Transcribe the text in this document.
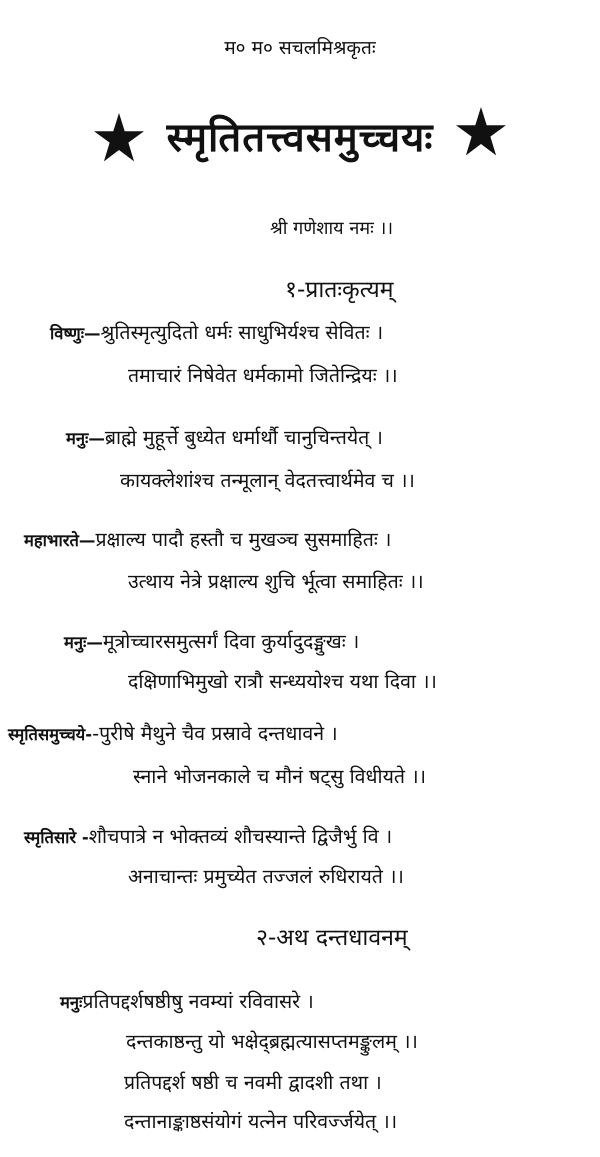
म० म० सचलमिश्रकृतः
स्मृतितत्त्वसमुच्चयः
श्री गणेशाय नमः ।।
१-प्रातःकृत्यम्
विष्णुः— श्रुतिस्मृत्युदितो धर्मः साधुभिर्यश्च सेवितः ।
तमाचारं निषेवेत धर्मकामो जितेन्द्रियः ।।
मनुः— ब्राह्मे मुहूर्त्ते बुध्येत धर्मार्थौ चानुचिन्तयेत् ।
कायक्लेशांश्च तन्मूलान् वेदतत्त्वार्थमेव च ।।
महाभारते— प्रक्षाल्य पादौ हस्तौ च मुखञ्च सुसमाहितः ।
उत्थाय नेत्रे प्रक्षाल्य शुचि र्भूत्वा समाहितः ।।
मनुः— मूत्रोच्चारसमुत्सर्गं दिवा कुर्यादुदङ्मुखः ।
दक्षिणाभिमुखो रात्रौ सन्ध्ययोश्च यथा दिवा ।।
स्मृतिसमुच्चये- -पुरीषे मैथुने चैव प्रस्रावे दन्तधावने ।
स्नाने भोजनकाले च मौनं षट्सु विधीयते ।।
स्मृतिसारे - शौचपात्रे न भोक्तव्यं शौचस्यान्ते द्विजैर्भु वि ।
अनाचान्तः प्रमुच्येत तज्जलं रुधिरायते ।।
२-अथ दन्तधावनम्
मनुः प्रतिपद्दर्शषष्ठीषु नवम्यां रविवासरे ।
दन्तकाष्ठन्तु यो भक्षेद्ब्रह्मत्यासप्तमङ्कुलम् ।।
प्रतिपद्दर्श षष्ठी च नवमी द्वादशी तथा ।
दन्तानाङ्काष्ठसंयोगं यत्नेन परिवर्ज्जयेत् ।।
